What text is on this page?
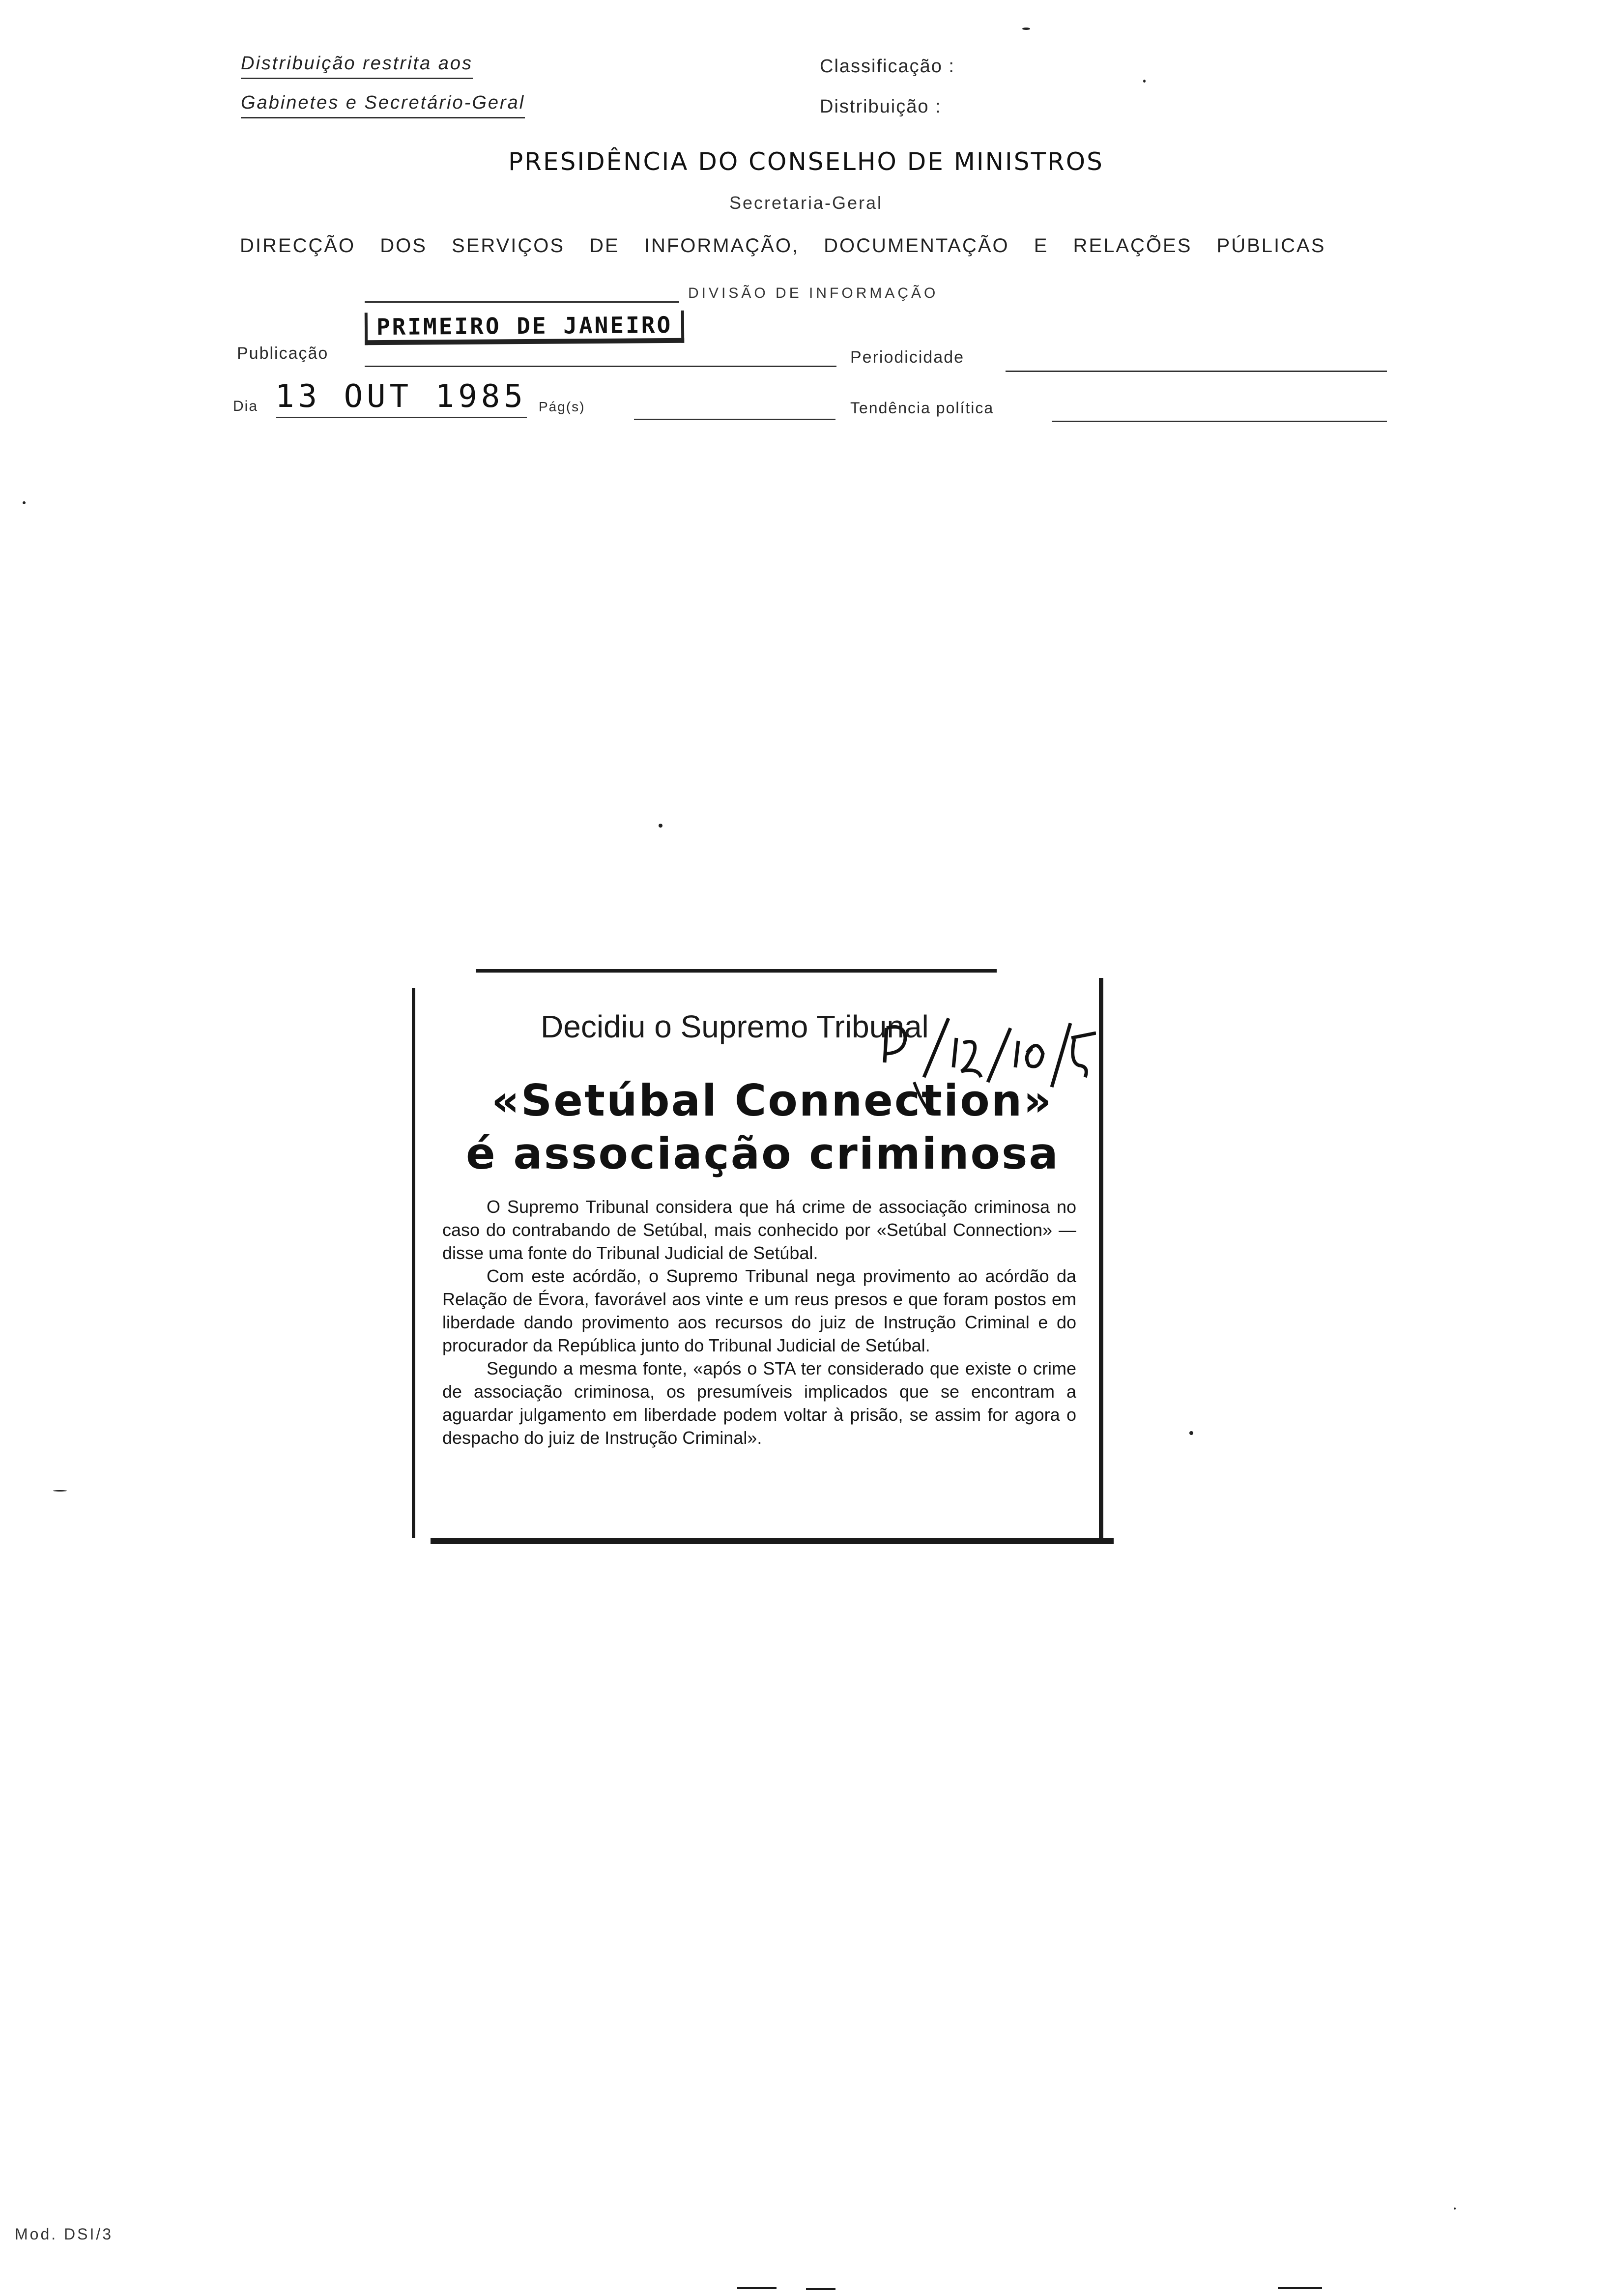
Distribuição restrita aos
Gabinetes e Secretário-Geral
Classificação :
Distribuição :
PRESIDÊNCIA DO CONSELHO DE MINISTROS
Secretaria-Geral
DIRECÇÃO DOS SERVIÇOS DE INFORMAÇÃO, DOCUMENTAÇÃO E RELAÇÕES PÚBLICAS
DIVISÃO DE INFORMAÇÃO
PRIMEIRO DE JANEIRO
Publicação	Periodicidade
Dia 13 OUT 1985 Pág(s)	Tendência política
Decidiu o Supremo Tribunal
«Setúbal Connection»
é associação criminosa

O Supremo Tribunal considera que há crime de associação criminosa no caso do contrabando de Setúbal, mais conhecido por «Setúbal Connection» — disse uma fonte do Tribunal Judicial de Setúbal.

Com este acórdão, o Supremo Tribunal nega provimento ao acórdão da Relação de Évora, favorável aos vinte e um reus presos e que foram postos em liberdade dando provimento aos recursos do juiz de Instrução Criminal e do procurador da República junto do Tribunal Judicial de Setúbal.

Segundo a mesma fonte, «após o STA ter considerado que existe o crime de associação criminosa, os presumíveis implicados que se encontram a aguardar julgamento em liberdade podem voltar à prisão, se assim for agora o despacho do juiz de Instrução Criminal».

Mod. DSI/3
